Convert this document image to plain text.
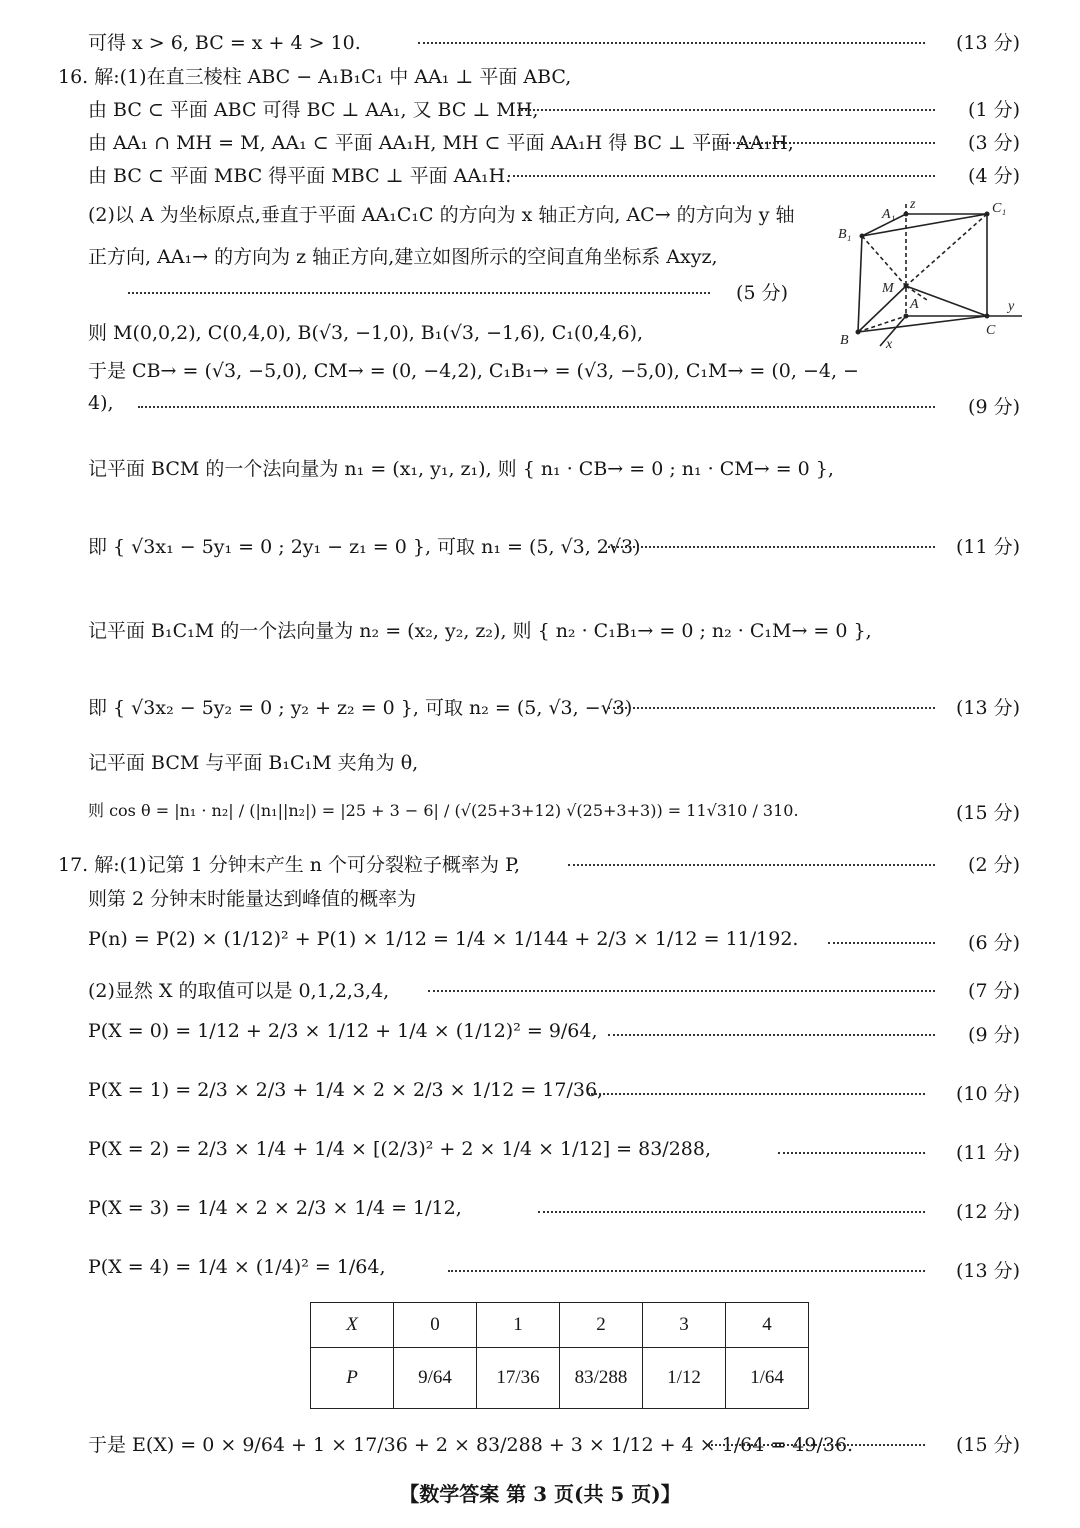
可得 x > 6, BC = x + 4 > 10.	(13 分)
16. 解:(1)在直三棱柱 ABC − A₁B₁C₁ 中 AA₁ ⊥ 平面 ABC,
由 BC ⊂ 平面 ABC 可得 BC ⊥ AA₁, 又 BC ⊥ MH,	(1 分)
由 AA₁ ∩ MH = M, AA₁ ⊂ 平面 AA₁H, MH ⊂ 平面 AA₁H 得 BC ⊥ 平面 AA₁H,	(3 分)
由 BC ⊂ 平面 MBC 得平面 MBC ⊥ 平面 AA₁H.	(4 分)
(2)以 A 为坐标原点,垂直于平面 AA₁C₁C 的方向为 x 轴正方向, AC→ 的方向为 y 轴
正方向, AA₁→ 的方向为 z 轴正方向,建立如图所示的空间直角坐标系 Axyz,
(5 分)
则 M(0,0,2), C(0,4,0), B(√3, −1,0), B₁(√3, −1,6), C₁(0,4,6),
于是 CB→ = (√3, −5,0), CM→ = (0, −4,2), C₁B₁→ = (√3, −5,0), C₁M→ = (0, −4, −
4),	(9 分)
记平面 BCM 的一个法向量为 n₁ = (x₁, y₁, z₁), 则 { n₁ · CB→ = 0 ; n₁ · CM→ = 0 },
即 { √3x₁ − 5y₁ = 0 ; 2y₁ − z₁ = 0 }, 可取 n₁ = (5, √3, 2√3)	(11 分)
记平面 B₁C₁M 的一个法向量为 n₂ = (x₂, y₂, z₂), 则 { n₂ · C₁B₁→ = 0 ; n₂ · C₁M→ = 0 },
即 { √3x₂ − 5y₂ = 0 ; y₂ + z₂ = 0 }, 可取 n₂ = (5, √3, −√3)	(13 分)
记平面 BCM 与平面 B₁C₁M 夹角为 θ,
则 cos θ = |n₁ · n₂| / (|n₁||n₂|) = |25 + 3 − 6| / (√(25+3+12) √(25+3+3)) = 11√310 / 310.	(15 分)
17. 解:(1)记第 1 分钟末产生 n 个可分裂粒子概率为 P,	(2 分)
则第 2 分钟末时能量达到峰值的概率为
P(n) = P(2) × (1/12)² + P(1) × 1/12 = 1/4 × 1/144 + 2/3 × 1/12 = 11/192.	(6 分)
(2)显然 X 的取值可以是 0,1,2,3,4,	(7 分)
P(X = 0) = 1/12 + 2/3 × 1/12 + 1/4 × (1/12)² = 9/64,	(9 分)
P(X = 1) = 2/3 × 2/3 + 1/4 × 2 × 2/3 × 1/12 = 17/36,	(10 分)
P(X = 2) = 2/3 × 1/4 + 1/4 × [(2/3)² + 2 × 1/4 × 1/12] = 83/288,	(11 分)
P(X = 3) = 1/4 × 2 × 2/3 × 1/4 = 1/12,	(12 分)
P(X = 4) = 1/4 × (1/4)² = 1/64,	(13 分)
X	0	1	2	3	4
P	9/64	17/36	83/288	1/12	1/64
于是 E(X) = 0 × 9/64 + 1 × 17/36 + 2 × 83/288 + 3 × 1/12 + 4 × 1/64 = 49/36.	(15 分)
A₁
z	C₁
B₁
M
A	y
B
C
x
【数学答案 第 3 页(共 5 页)】
